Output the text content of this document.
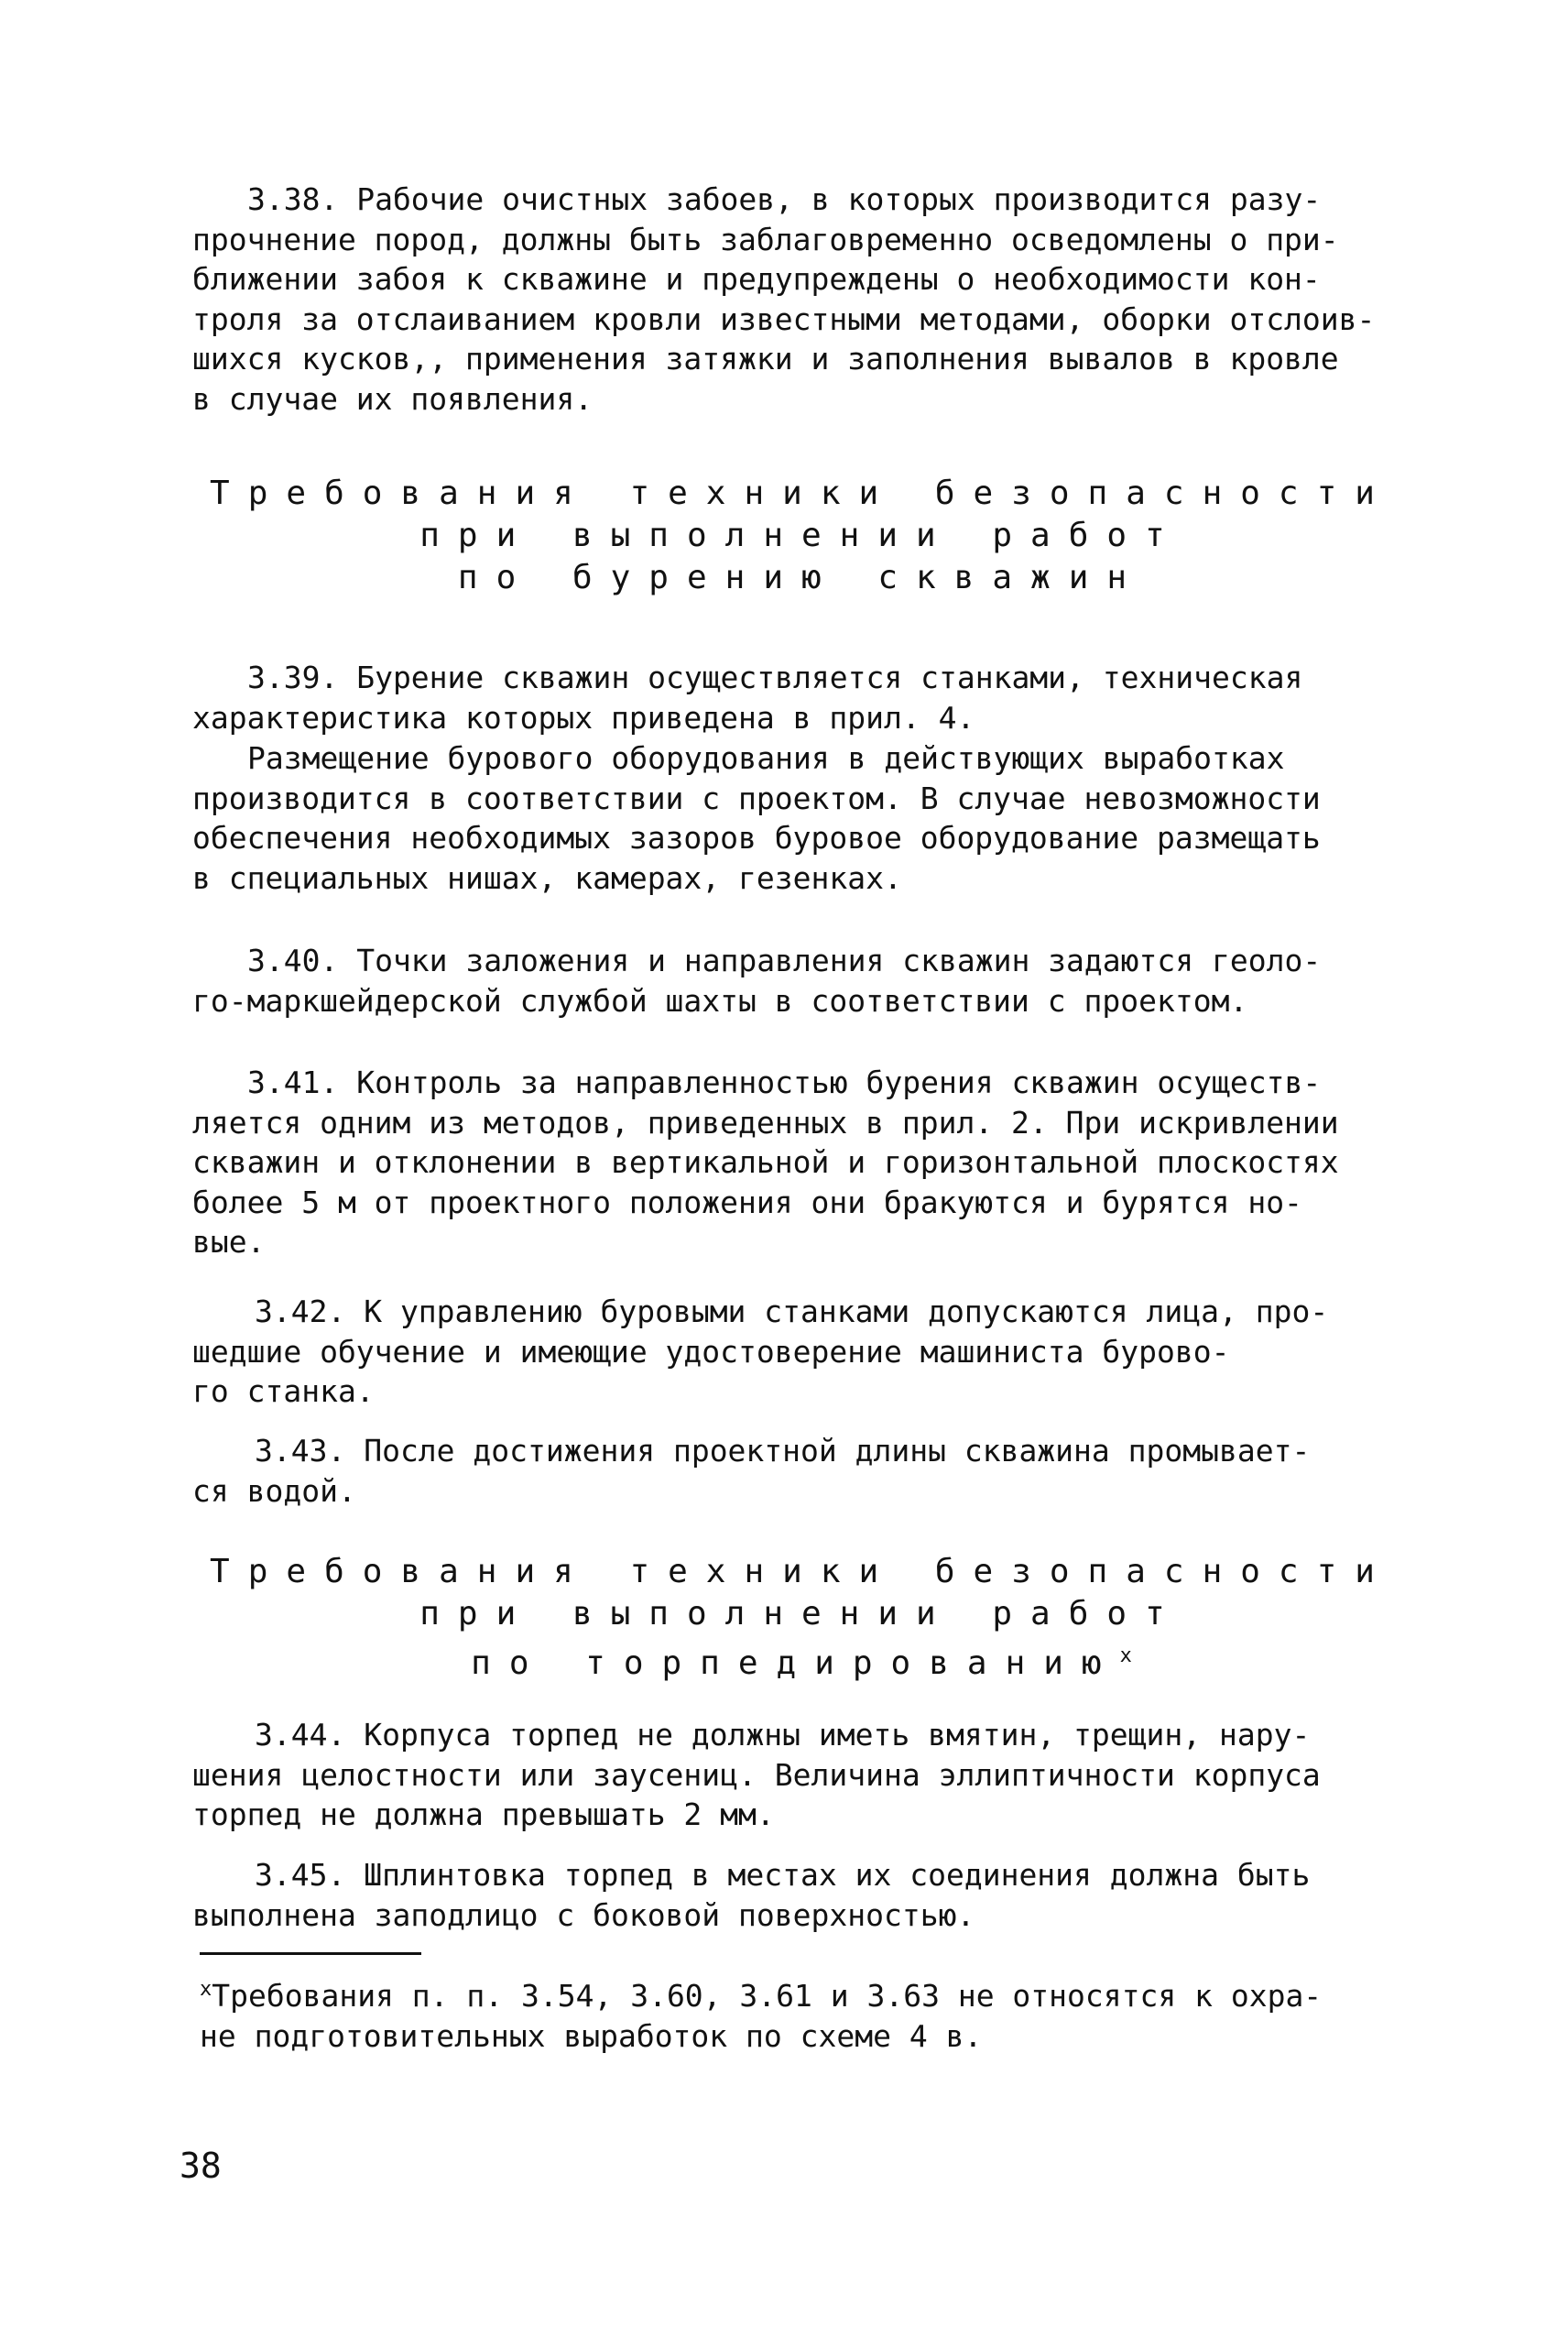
3.38. Рабочие очистных забоев, в которых производится разу-
прочнение пород, должны быть заблаговременно осведомлены о при-
ближении забоя к скважине и предупреждены о необходимости кон-
троля за отслаиванием кровли известными методами, оборки отслоив-
шихся кусков,, применения затяжки и заполнения вывалов в кровле
в случае их появления.

Требования техники безопасности
при выполнении работ
по бурению скважин

3.39. Бурение скважин осуществляется станками, техническая
характеристика которых приведена в прил. 4.

Размещение бурового оборудования в действующих выработках
производится в соответствии с проектом. В случае невозможности
обеспечения необходимых зазоров буровое оборудование размещать
в специальных нишах, камерах, гезенках.

3.40. Точки заложения и направления скважин задаются геоло-
го-маркшейдерской службой шахты в соответствии с проектом.

3.41. Контроль за направленностью бурения скважин осуществ-
ляется одним из методов, приведенных в прил. 2. При искривлении
скважин и отклонении в вертикальной и горизонтальной плоскостях
более 5 м от проектного положения они бракуются и бурятся но-
вые.

3.42. К управлению буровыми станками допускаются лица, про-
шедшие обучение и имеющие удостоверение машиниста бурово-
го станка.

3.43. После достижения проектной длины скважина промывает-
ся водой.

Требования техники безопасности
при выполнении работ
по торпедированию$^x$

3.44. Корпуса торпед не должны иметь вмятин, трещин, нару-
шения целостности или заусениц. Величина эллиптичности корпуса
торпед не должна превышать 2 мм.

3.45. Шплинтовка торпед в местах их соединения должна быть
выполнена заподлицо с боковой поверхностью.

$^x$Требования п. п. 3.54, 3.60, 3.61 и 3.63 не относятся к охра-
не подготовительных выработок по схеме 4 в.

38
